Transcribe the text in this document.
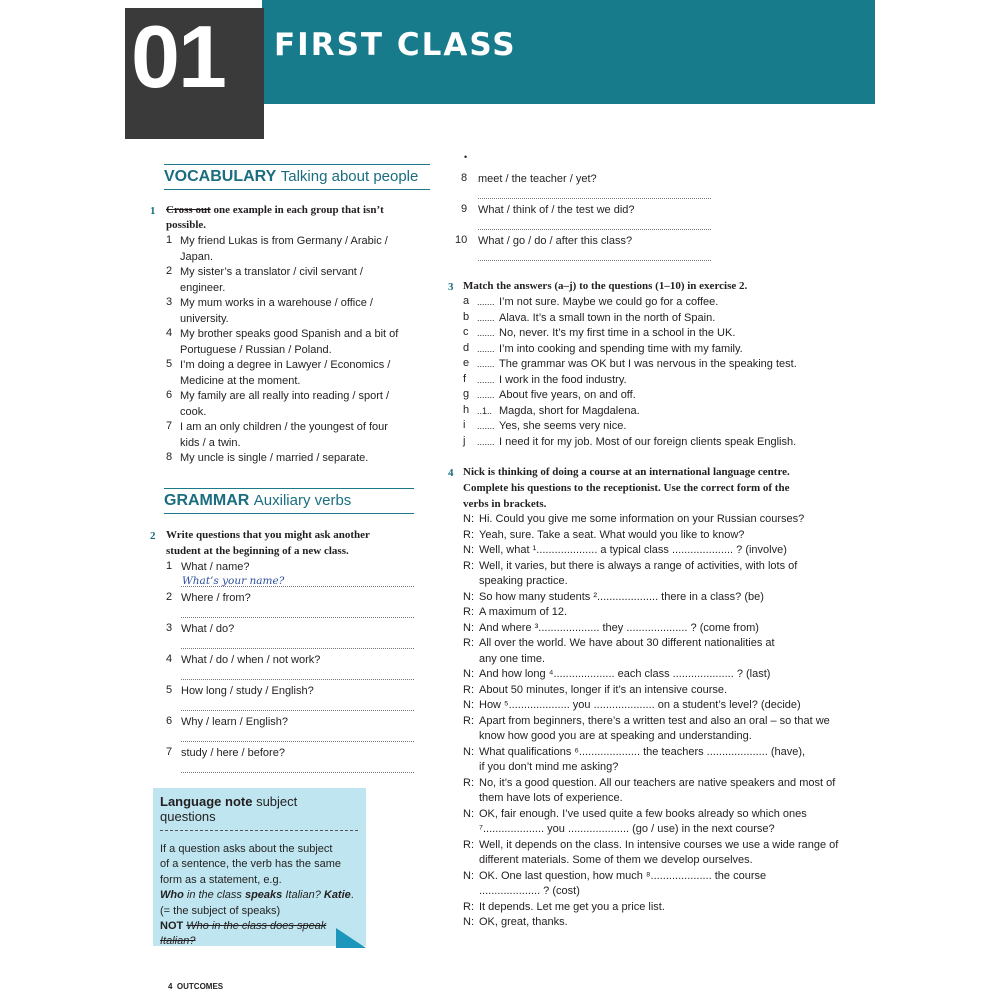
01 FIRST CLASS
VOCABULARY Talking about people
1 Cross out one example in each group that isn’t
possible.
1 My friend Lukas is from Germany / Arabic /
Japan.
2 My sister’s a translator / civil servant /
engineer.
3 My mum works in a warehouse / office /
university.
4 My brother speaks good Spanish and a bit of
Portuguese / Russian / Poland.
5 I’m doing a degree in Lawyer / Economics /
Medicine at the moment.
6 My family are all really into reading / sport /
cook.
7 I am an only children / the youngest of four
kids / a twin.
8 My uncle is single / married / separate.
GRAMMAR Auxiliary verbs
2 Write questions that you might ask another
student at the beginning of a new class.
1 What / name?
What’s your name?
2 Where / from?
3 What / do?
4 What / do / when / not work?
5 How long / study / English?
6 Why / learn / English?
7 study / here / before?
8 meet / the teacher / yet?
9 What / think of / the test we did?
10 What / go / do / after this class?
•
Language note subject
questions
If a question asks about the subject
of a sentence, the verb has the same
form as a statement, e.g.
Who in the class speaks Italian? Katie.
(= the subject of speaks)
NOT Who in the class does speak
Italian?
3 Match the answers (a–j) to the questions (1–10) in exercise 2.
a ....... I’m not sure. Maybe we could go for a coffee.
b ....... Alava. It’s a small town in the north of Spain.
c ....... No, never. It’s my first time in a school in the UK.
d ....... I’m into cooking and spending time with my family.
e ....... The grammar was OK but I was nervous in the speaking test.
f ....... I work in the food industry.
g ....... About five years, on and off.
h ..1.. Magda, short for Magdalena.
i ....... Yes, she seems very nice.
j ....... I need it for my job. Most of our foreign clients speak English.
4 Nick is thinking of doing a course at an international language centre.
Complete his questions to the receptionist. Use the correct form of the
verbs in brackets.
N: Hi. Could you give me some information on your Russian courses?
R: Yeah, sure. Take a seat. What would you like to know?
N: Well, what ¹.................... a typical class .................... ? (involve)
R: Well, it varies, but there is always a range of activities, with lots of
speaking practice.
N: So how many students ².................... there in a class? (be)
R: A maximum of 12.
N: And where ³.................... they .................... ? (come from)
R: All over the world. We have about 30 different nationalities at
any one time.
N: And how long ⁴.................... each class .................... ? (last)
R: About 50 minutes, longer if it’s an intensive course.
N: How ⁵.................... you .................... on a student’s level? (decide)
R: Apart from beginners, there’s a written test and also an oral – so that we
know how good you are at speaking and understanding.
N: What qualifications ⁶.................... the teachers .................... (have),
if you don’t mind me asking?
R: No, it’s a good question. All our teachers are native speakers and most of
them have lots of experience.
N: OK, fair enough. I’ve used quite a few books already so which ones
⁷.................... you .................... (go / use) in the next course?
R: Well, it depends on the class. In intensive courses we use a wide range of
different materials. Some of them we develop ourselves.
N: OK. One last question, how much ⁸.................... the course
.................... ? (cost)
R: It depends. Let me get you a price list.
N: OK, great, thanks.
4 OUTCOMES
